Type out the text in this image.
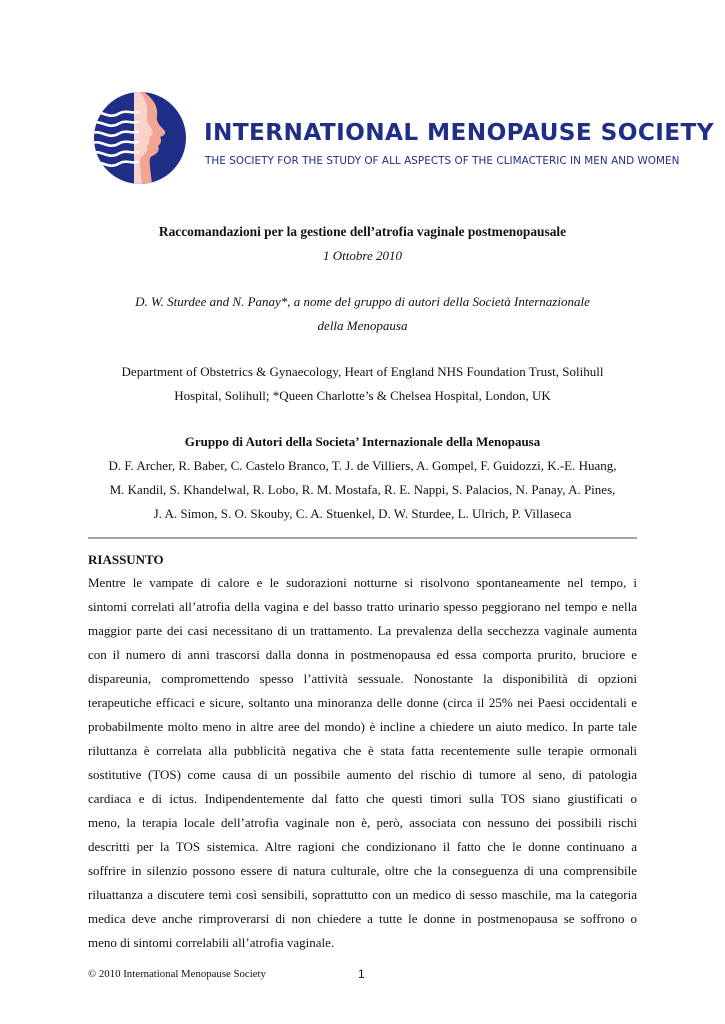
INTERNATIONAL MENOPAUSE SOCIETY
THE SOCIETY FOR THE STUDY OF ALL ASPECTS OF THE CLIMACTERIC IN MEN AND WOMEN
Raccomandazioni per la gestione dell’atrofia vaginale postmenopausale
1 Ottobre 2010
D. W. Sturdee and N. Panay*, a nome del gruppo di autori della Società Internazionale
della Menopausa
Department of Obstetrics & Gynaecology, Heart of England NHS Foundation Trust, Solihull
Hospital, Solihull; *Queen Charlotte’s & Chelsea Hospital, London, UK
Gruppo di Autori della Societa’ Internazionale della Menopausa
D. F. Archer, R. Baber, C. Castelo Branco, T. J. de Villiers, A. Gompel, F. Guidozzi, K.-E. Huang,
M. Kandil, S. Khandelwal, R. Lobo, R. M. Mostafa, R. E. Nappi, S. Palacios, N. Panay, A. Pines,
J. A. Simon, S. O. Skouby, C. A. Stuenkel, D. W. Sturdee, L. Ulrich, P. Villaseca
RIASSUNTO
Mentre le vampate di calore e le sudorazioni notturne si risolvono spontaneamente nel tempo, i
sintomi correlati all’atrofia della vagina e del basso tratto urinario spesso peggiorano nel tempo e nella
maggior parte dei casi necessitano di un trattamento. La prevalenza della secchezza vaginale aumenta
con il numero di anni trascorsi dalla donna in postmenopausa ed essa comporta prurito, bruciore e
dispareunia, compromettendo spesso l’attività sessuale. Nonostante la disponibilità di opzioni
terapeutiche efficaci e sicure, soltanto una minoranza delle donne (circa il 25% nei Paesi occidentali e
probabilmente molto meno in altre aree del mondo) è incline a chiedere un aiuto medico. In parte tale
riluttanza è correlata alla pubblicità negativa che è stata fatta recentemente sulle terapie ormonali
sostitutive (TOS) come causa di un possibile aumento del rischio di tumore al seno, di patologia
cardiaca e di ictus. Indipendentemente dal fatto che questi timori sulla TOS siano giustificati o
meno, la terapia locale dell’atrofia vaginale non è, però, associata con nessuno dei possibili rischi
descritti per la TOS sistemica. Altre ragioni che condizionano il fatto che le donne continuano a
soffrire in silenzio possono essere di natura culturale, oltre che la conseguenza di una comprensibile
riluattanza a discutere temi così sensibili, soprattutto con un medico di sesso maschile, ma la categoria
medica deve anche rimproverarsi di non chiedere a tutte le donne in postmenopausa se soffrono o
meno di sintomi correlabili all’atrofia vaginale.
© 2010 International Menopause Society	1
